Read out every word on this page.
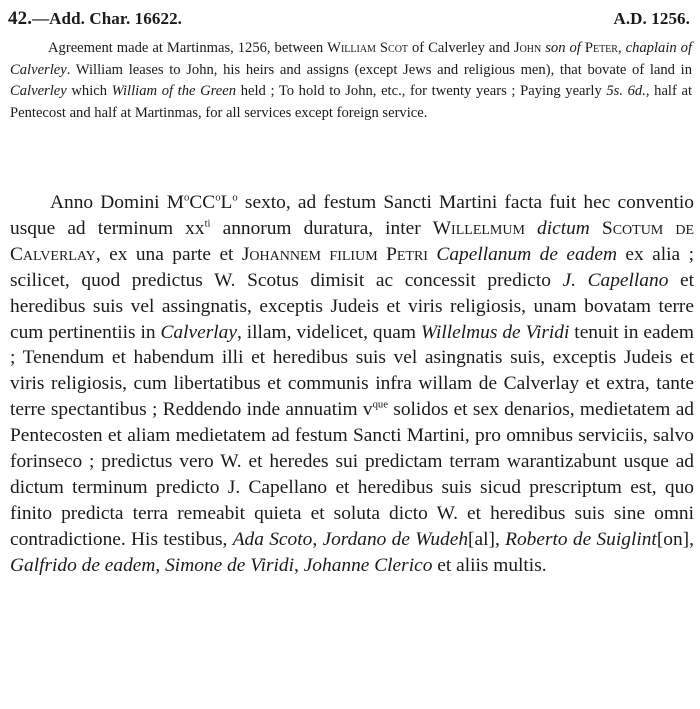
42.—Add. Char. 16622.	A.D. 1256.

Agreement made at Martinmas, 1256, between William Scot of Calverley and John son of Peter, chaplain of Calverley. William leases to John, his heirs and assigns (except Jews and religious men), that bovate of land in Calverley which William of the Green held ; To hold to John, etc., for twenty years ; Paying yearly 5s. 6d., half at Pentecost and half at Martinmas, for all services except foreign service.

Anno Domini $M^oCC^oL^o$ sexto, ad festum Sancti Martini facta fuit hec conventio usque ad terminum $xx^{ti}$ annorum duratura, inter Willelmum dictum Scotum de Calverlay, ex una parte et Johannem filium Petri Capellanum de eadem ex alia ; scilicet, quod predictus W. Scotus dimisit ac concessit predicto J. Capellano et heredibus suis vel assingnatis, exceptis Judeis et viris religiosis, unam bovatam terre cum pertinentiis in Calverlay, illam, videlicet, quam Willelmus de Viridi tenuit in eadem ; Tenendum et habendum illi et heredibus suis vel asingnatis suis, exceptis Judeis et viris religiosis, cum libertatibus et communis infra willam de Calverlay et extra, tante terre spectantibus ; Reddendo inde annuatim $v^{que}$ solidos et sex denarios, medietatem ad Pentecosten et aliam medietatem ad festum Sancti Martini, pro omnibus serviciis, salvo forinseco ; predictus vero W. et heredes sui predictam terram warantizabunt usque ad dictum terminum predicto J. Capellano et heredibus suis sicud prescriptum est, quo finito predicta terra remeabit quieta et soluta dicto W. et heredibus suis sine omni contradictione. His testibus, Ada Scoto, Jordano de Wudeh[al], Roberto de Suiglint[on], Galfrido de eadem, Simone de Viridi, Johanne Clerico et aliis multis.
